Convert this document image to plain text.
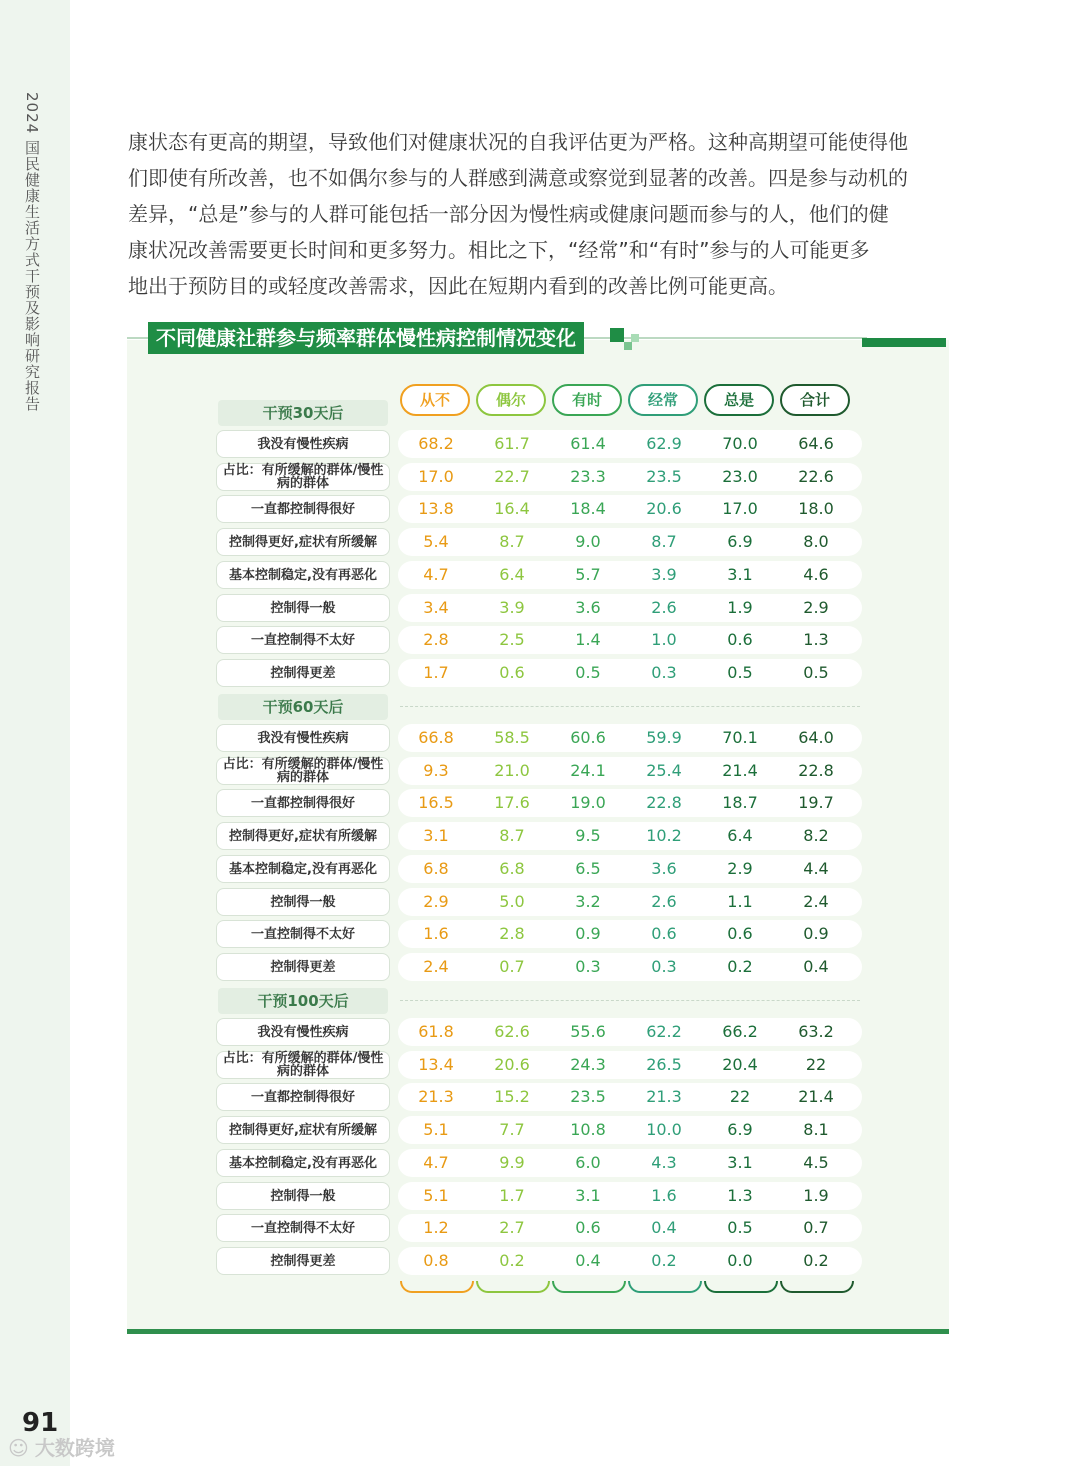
2024 国民健康生活方式干预及影响研究报告
91
☺ 大数跨境
康状态有更高的期望，导致他们对健康状况的自我评估更为严格。这种高期望可能使得他
们即使有所改善，也不如偶尔参与的人群感到满意或察觉到显著的改善。四是参与动机的
差异，“总是”参与的人群可能包括一部分因为慢性病或健康问题而参与的人，他们的健
康状况改善需要更长时间和更多努力。相比之下，“经常”和“有时”参与的人可能更多
地出于预防目的或轻度改善需求，因此在短期内看到的改善比例可能更高。
不同健康社群参与频率群体慢性病控制情况变化
从不	偶尔	有时	经常	总是	合计
干预30天后
我没有慢性疾病	68.2	61.7	61.4	62.9	70.0	64.6
占比：有所缓解的群体/慢性病的群体	17.0	22.7	23.3	23.5	23.0	22.6
一直都控制得很好	13.8	16.4	18.4	20.6	17.0	18.0
控制得更好,症状有所缓解	5.4	8.7	9.0	8.7	6.9	8.0
基本控制稳定,没有再恶化	4.7	6.4	5.7	3.9	3.1	4.6
控制得一般	3.4	3.9	3.6	2.6	1.9	2.9
一直控制得不太好	2.8	2.5	1.4	1.0	0.6	1.3
控制得更差	1.7	0.6	0.5	0.3	0.5	0.5
干预60天后
我没有慢性疾病	66.8	58.5	60.6	59.9	70.1	64.0
占比：有所缓解的群体/慢性病的群体	9.3	21.0	24.1	25.4	21.4	22.8
一直都控制得很好	16.5	17.6	19.0	22.8	18.7	19.7
控制得更好,症状有所缓解	3.1	8.7	9.5	10.2	6.4	8.2
基本控制稳定,没有再恶化	6.8	6.8	6.5	3.6	2.9	4.4
控制得一般	2.9	5.0	3.2	2.6	1.1	2.4
一直控制得不太好	1.6	2.8	0.9	0.6	0.6	0.9
控制得更差	2.4	0.7	0.3	0.3	0.2	0.4
干预100天后
我没有慢性疾病	61.8	62.6	55.6	62.2	66.2	63.2
占比：有所缓解的群体/慢性病的群体	13.4	20.6	24.3	26.5	20.4	22
一直都控制得很好	21.3	15.2	23.5	21.3	22	21.4
控制得更好,症状有所缓解	5.1	7.7	10.8	10.0	6.9	8.1
基本控制稳定,没有再恶化	4.7	9.9	6.0	4.3	3.1	4.5
控制得一般	5.1	1.7	3.1	1.6	1.3	1.9
一直控制得不太好	1.2	2.7	0.6	0.4	0.5	0.7
控制得更差	0.8	0.2	0.4	0.2	0.0	0.2
